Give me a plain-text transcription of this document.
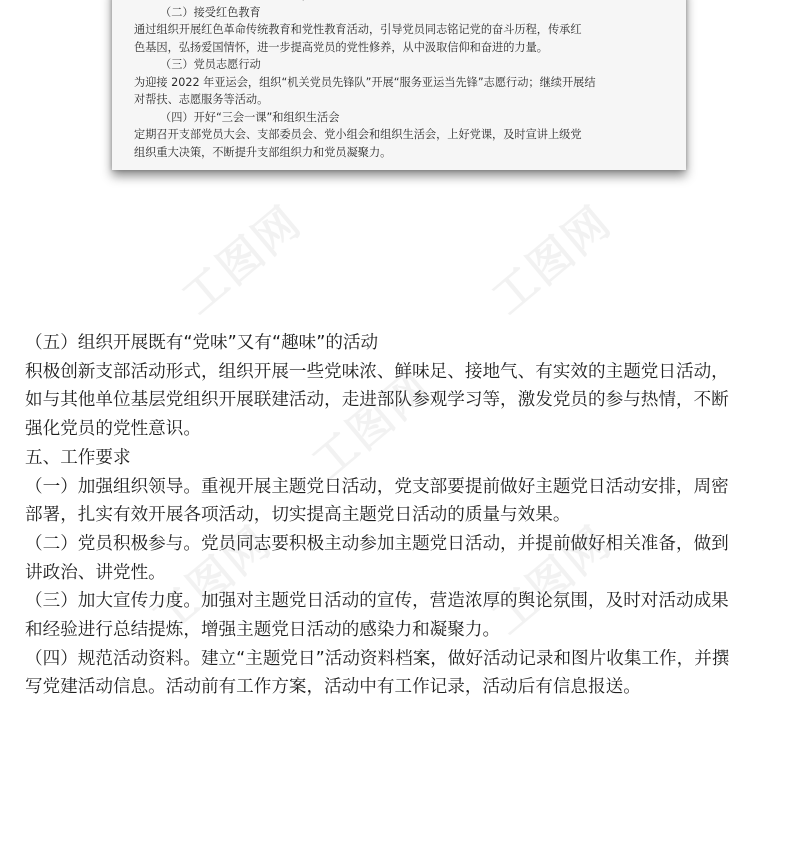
（二）接受红色教育
通过组织开展红色革命传统教育和党性教育活动，引导党员同志铭记党的奋斗历程，传承红
色基因，弘扬爱国情怀，进一步提高党员的党性修养，从中汲取信仰和奋进的力量。
（三）党员志愿行动
为迎接 2022 年亚运会，组织“机关党员先锋队”开展“服务亚运当先锋”志愿行动；继续开展结
对帮扶、志愿服务等活动。
（四）开好“三会一课”和组织生活会
定期召开支部党员大会、支部委员会、党小组会和组织生活会，上好党课，及时宣讲上级党
组织重大决策，不断提升支部组织力和党员凝聚力。
工图网	工图网
工图网
工图网	工图网
（五）组织开展既有“党味”又有“趣味”的活动
积极创新支部活动形式，组织开展一些党味浓、鲜味足、接地气、有实效的主题党日活动，
如与其他单位基层党组织开展联建活动，走进部队参观学习等，激发党员的参与热情，不断
强化党员的党性意识。
五、工作要求
（一）加强组织领导。重视开展主题党日活动，党支部要提前做好主题党日活动安排，周密
部署，扎实有效开展各项活动，切实提高主题党日活动的质量与效果。
（二）党员积极参与。党员同志要积极主动参加主题党日活动，并提前做好相关准备，做到
讲政治、讲党性。
（三）加大宣传力度。加强对主题党日活动的宣传，营造浓厚的舆论氛围，及时对活动成果
和经验进行总结提炼，增强主题党日活动的感染力和凝聚力。
（四）规范活动资料。建立“主题党日”活动资料档案，做好活动记录和图片收集工作，并撰
写党建活动信息。活动前有工作方案，活动中有工作记录，活动后有信息报送。
